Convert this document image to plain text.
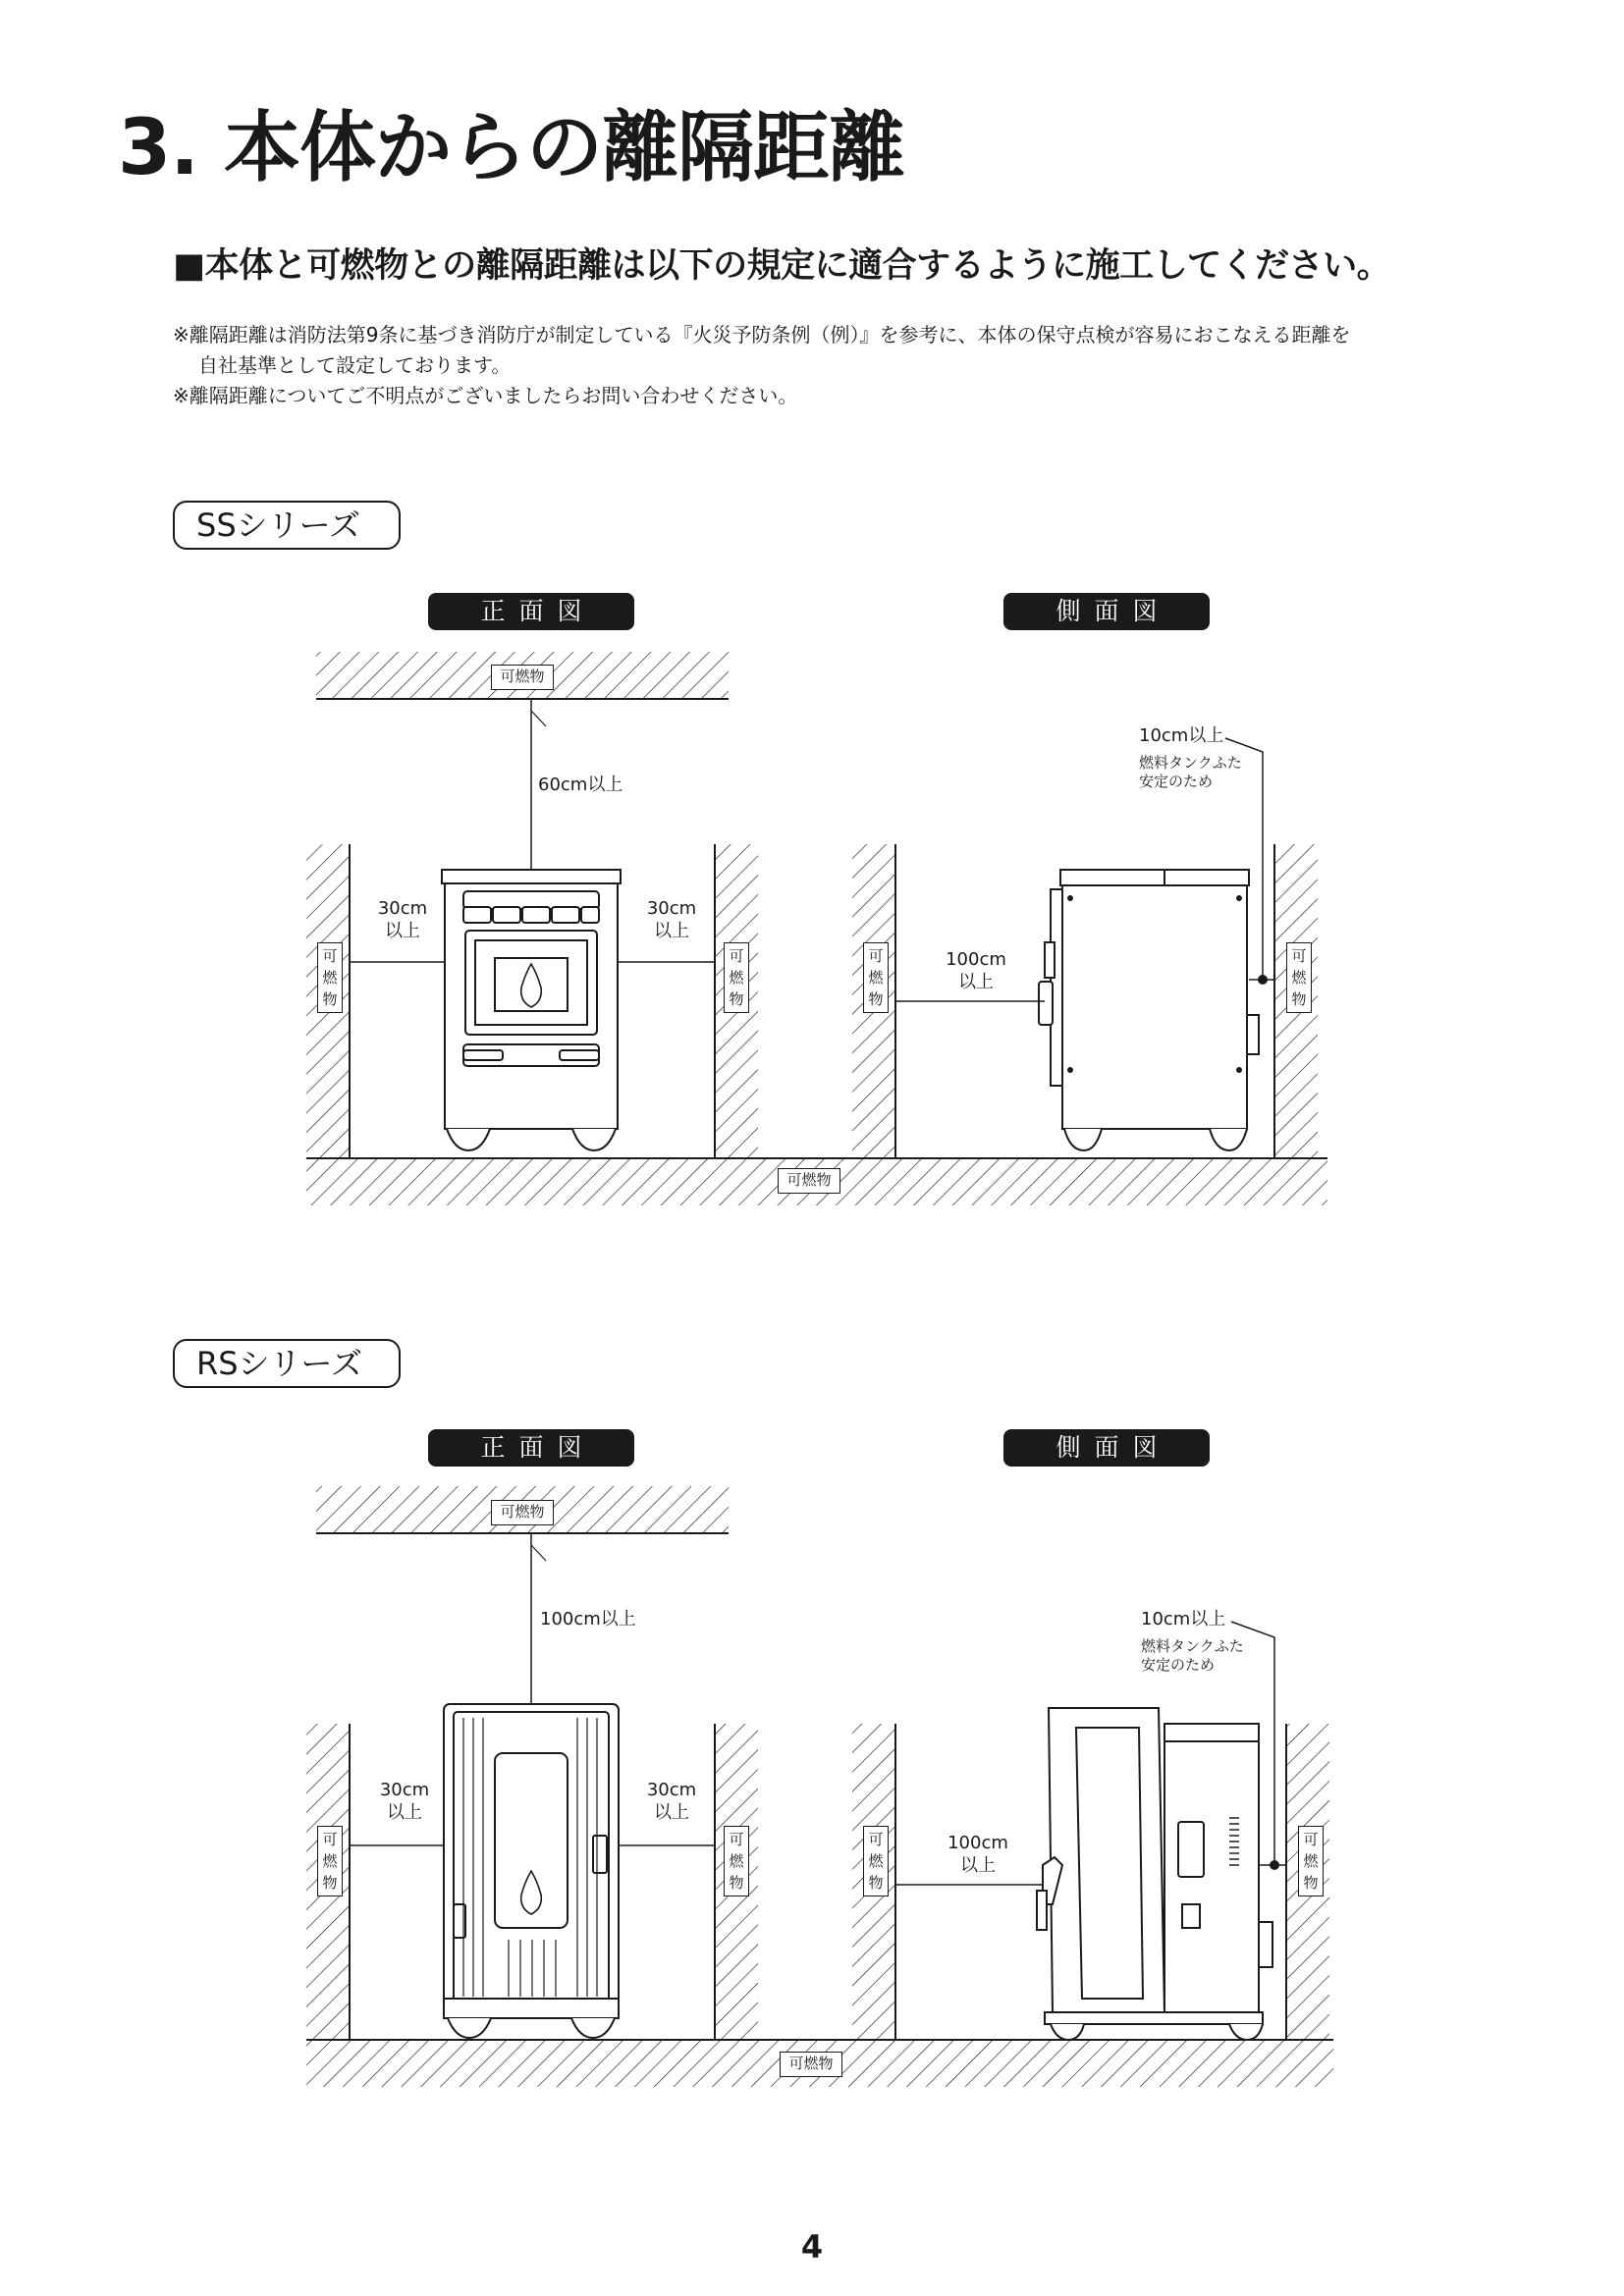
3. 本体からの離隔距離
■本体と可燃物との離隔距離は以下の規定に適合するように施工してください。
※離隔距離は消防法第9条に基づき消防庁が制定している『火災予防条例（例）』を参考に、本体の保守点検が容易におこなえる距離を
自社基準として設定しております。
※離隔距離についてご不明点がございましたらお問い合わせください。
SSシリーズ
正面図	側面図
可燃物
60cm以上
30cm
以上
30cm
以上
可
燃
物
可
燃
物
可
燃
物
可
燃
物
100cm
以上
10cm以上
燃料タンクふた
安定のため
可燃物
RSシリーズ
正面図	側面図
可燃物
100cm以上
30cm
以上
30cm
以上
可
燃
物
可
燃
物
可
燃
物
可
燃
物
100cm
以上
10cm以上
燃料タンクふた
安定のため
可燃物
4
